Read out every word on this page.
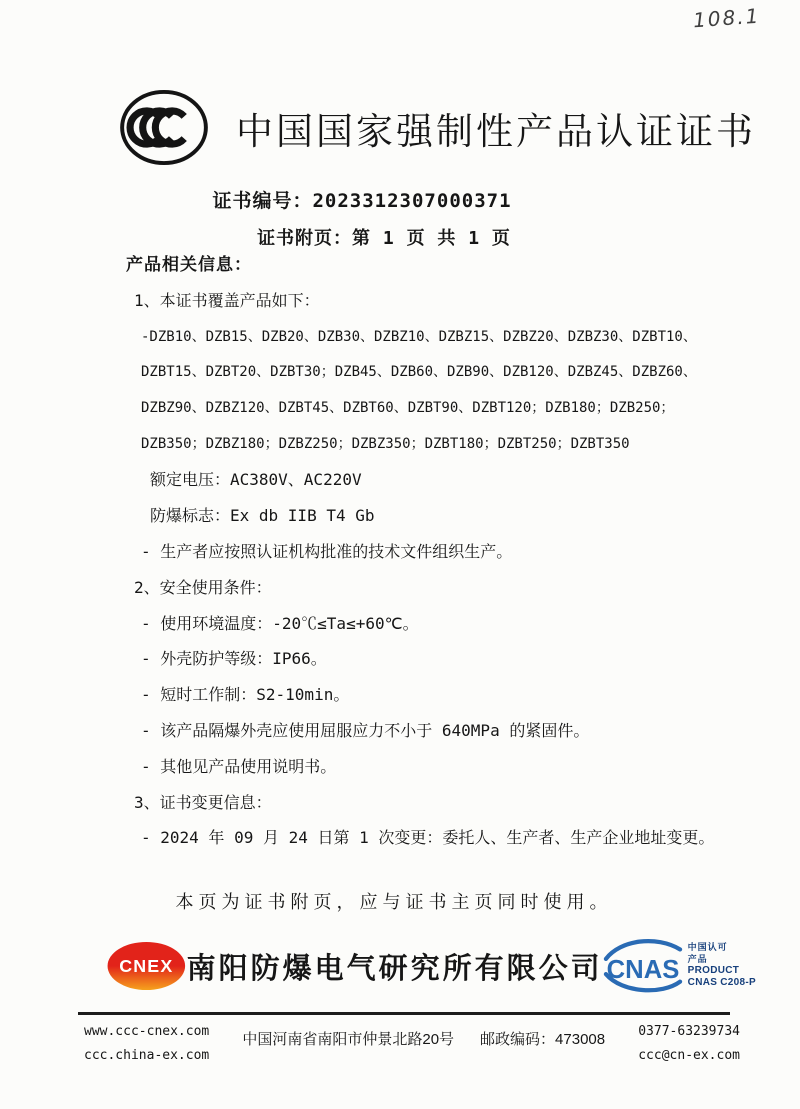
108.1
中国国家强制性产品认证证书
证书编号：2023312307000371
证书附页：第 1 页 共 1 页
产品相关信息：
1、本证书覆盖产品如下：
-DZB10、DZB15、DZB20、DZB30、DZBZ10、DZBZ15、DZBZ20、DZBZ30、DZBT10、
DZBT15、DZBT20、DZBT30；DZB45、DZB60、DZB90、DZB120、DZBZ45、DZBZ60、
DZBZ90、DZBZ120、DZBT45、DZBT60、DZBT90、DZBT120；DZB180；DZB250；
DZB350；DZBZ180；DZBZ250；DZBZ350；DZBT180；DZBT250；DZBT350
额定电压：AC380V、AC220V
防爆标志：Ex db IIB T4 Gb
- 生产者应按照认证机构批准的技术文件组织生产。
2、安全使用条件：
- 使用环境温度：-20℃≤Ta≤+60℃。
- 外壳防护等级：IP66。
- 短时工作制：S2-10min。
- 该产品隔爆外壳应使用屈服应力不小于 640MPa 的紧固件。
- 其他见产品使用说明书。
3、证书变更信息：
- 2024 年 09 月 24 日第 1 次变更：委托人、生产者、生产企业地址变更。
本页为证书附页，应与证书主页同时使用。
CNEX 南阳防爆电气研究所有限公司 CNAS
中国认可
产品
PRODUCT
CNAS C208-P
www.ccc-cnex.com
ccc.china-ex.com
中国河南省南阳市仲景北路20号 邮政编码：473008	0377-63239734
ccc@cn-ex.com
